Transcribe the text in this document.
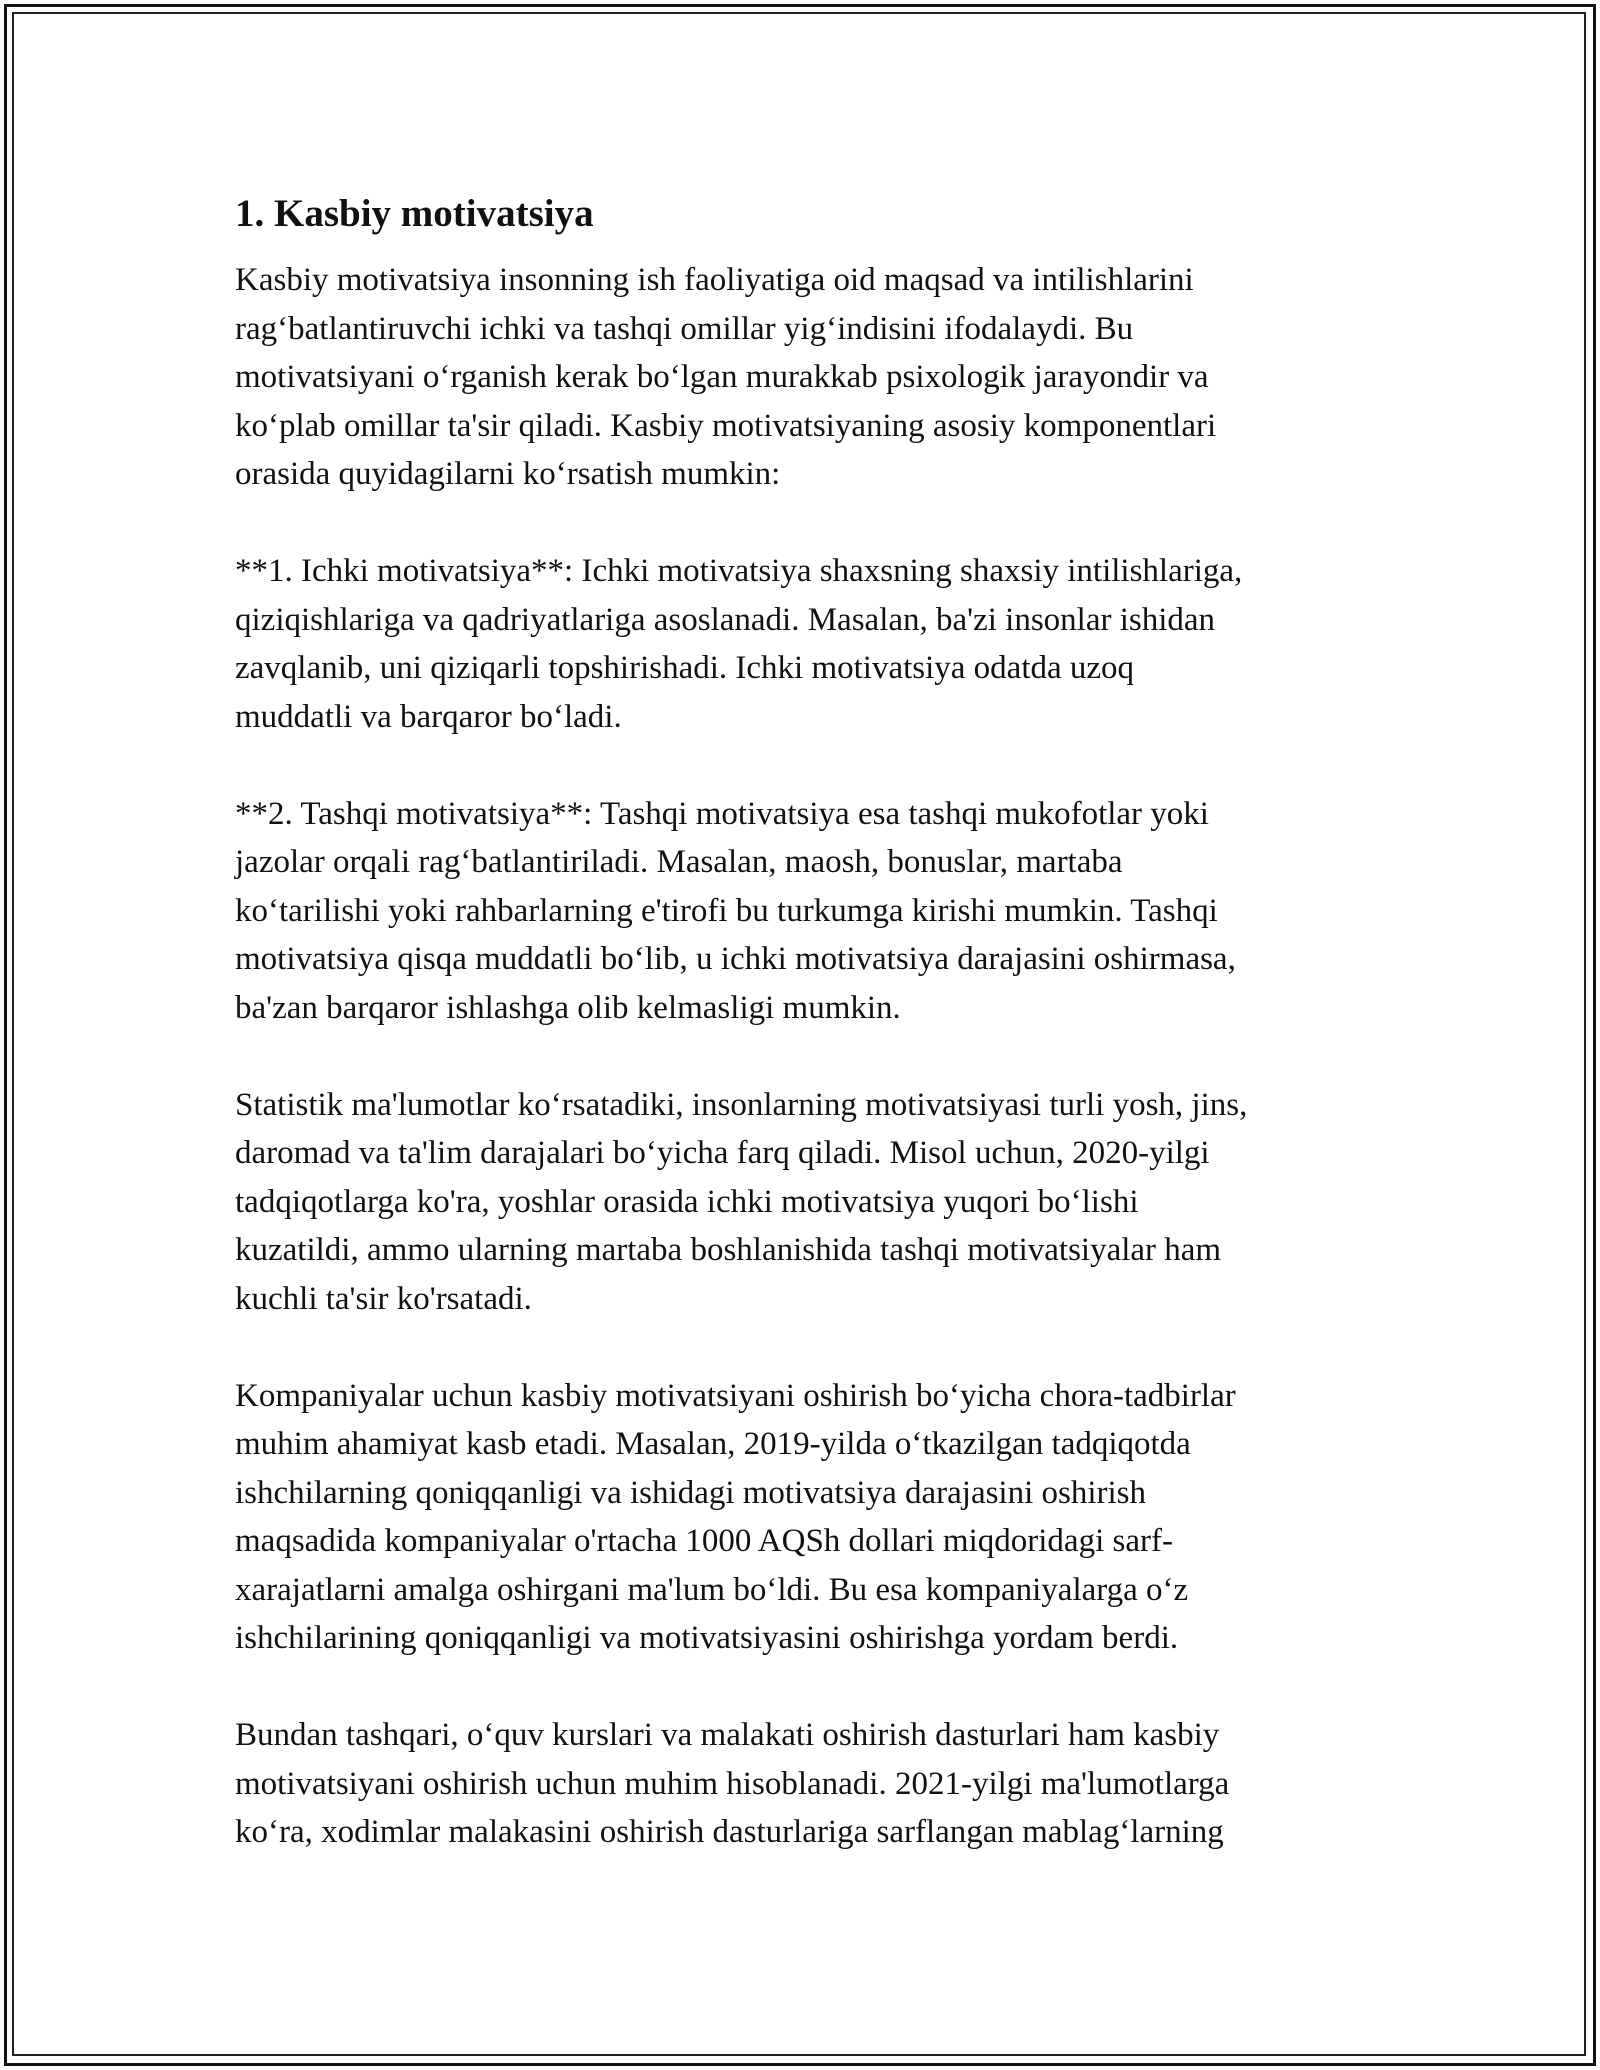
1. Kasbiy motivatsiya

Kasbiy motivatsiya insonning ish faoliyatiga oid maqsad va intilishlarini
rag‘batlantiruvchi ichki va tashqi omillar yig‘indisini ifodalaydi. Bu
motivatsiyani o‘rganish kerak bo‘lgan murakkab psixologik jarayondir va
ko‘plab omillar ta'sir qiladi. Kasbiy motivatsiyaning asosiy komponentlari
orasida quyidagilarni ko‘rsatish mumkin:

**1. Ichki motivatsiya**: Ichki motivatsiya shaxsning shaxsiy intilishlariga,
qiziqishlariga va qadriyatlariga asoslanadi. Masalan, ba'zi insonlar ishidan
zavqlanib, uni qiziqarli topshirishadi. Ichki motivatsiya odatda uzoq
muddatli va barqaror bo‘ladi.

**2. Tashqi motivatsiya**: Tashqi motivatsiya esa tashqi mukofotlar yoki
jazolar orqali rag‘batlantiriladi. Masalan, maosh, bonuslar, martaba
ko‘tarilishi yoki rahbarlarning e'tirofi bu turkumga kirishi mumkin. Tashqi
motivatsiya qisqa muddatli bo‘lib, u ichki motivatsiya darajasini oshirmasa,
ba'zan barqaror ishlashga olib kelmasligi mumkin.

Statistik ma'lumotlar ko‘rsatadiki, insonlarning motivatsiyasi turli yosh, jins,
daromad va ta'lim darajalari bo‘yicha farq qiladi. Misol uchun, 2020-yilgi
tadqiqotlarga ko'ra, yoshlar orasida ichki motivatsiya yuqori bo‘lishi
kuzatildi, ammo ularning martaba boshlanishida tashqi motivatsiyalar ham
kuchli ta'sir ko'rsatadi.

Kompaniyalar uchun kasbiy motivatsiyani oshirish bo‘yicha chora-tadbirlar
muhim ahamiyat kasb etadi. Masalan, 2019-yilda o‘tkazilgan tadqiqotda
ishchilarning qoniqqanligi va ishidagi motivatsiya darajasini oshirish
maqsadida kompaniyalar o'rtacha 1000 AQSh dollari miqdoridagi sarf-
xarajatlarni amalga oshirgani ma'lum bo‘ldi. Bu esa kompaniyalarga o‘z
ishchilarining qoniqqanligi va motivatsiyasini oshirishga yordam berdi.

Bundan tashqari, o‘quv kurslari va malakati oshirish dasturlari ham kasbiy
motivatsiyani oshirish uchun muhim hisoblanadi. 2021-yilgi ma'lumotlarga
ko‘ra, xodimlar malakasini oshirish dasturlariga sarflangan mablag‘larning
